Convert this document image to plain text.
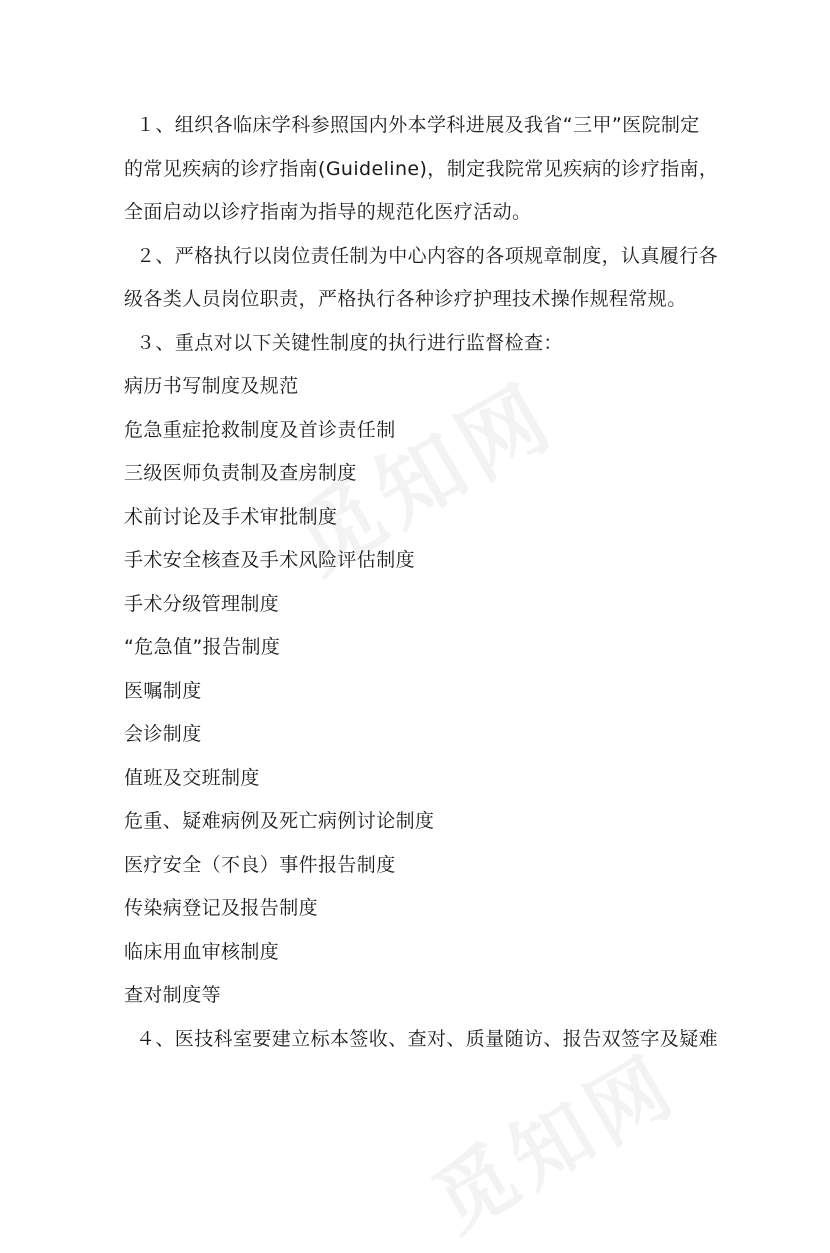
１、组织各临床学科参照国内外本学科进展及我省“三甲”医院制定
的常见疾病的诊疗指南(Guideline)，制定我院常见疾病的诊疗指南，
全面启动以诊疗指南为指导的规范化医疗活动。
２、严格执行以岗位责任制为中心内容的各项规章制度，认真履行各
级各类人员岗位职责，严格执行各种诊疗护理技术操作规程常规。
３、重点对以下关键性制度的执行进行监督检查：
病历书写制度及规范
危急重症抢救制度及首诊责任制
三级医师负责制及查房制度
术前讨论及手术审批制度
手术安全核查及手术风险评估制度
手术分级管理制度
“危急值”报告制度
医嘱制度
会诊制度
值班及交班制度
危重、疑难病例及死亡病例讨论制度
医疗安全（不良）事件报告制度
传染病登记及报告制度
临床用血审核制度
查对制度等
４、医技科室要建立标本签收、查对、质量随访、报告双签字及疑难
